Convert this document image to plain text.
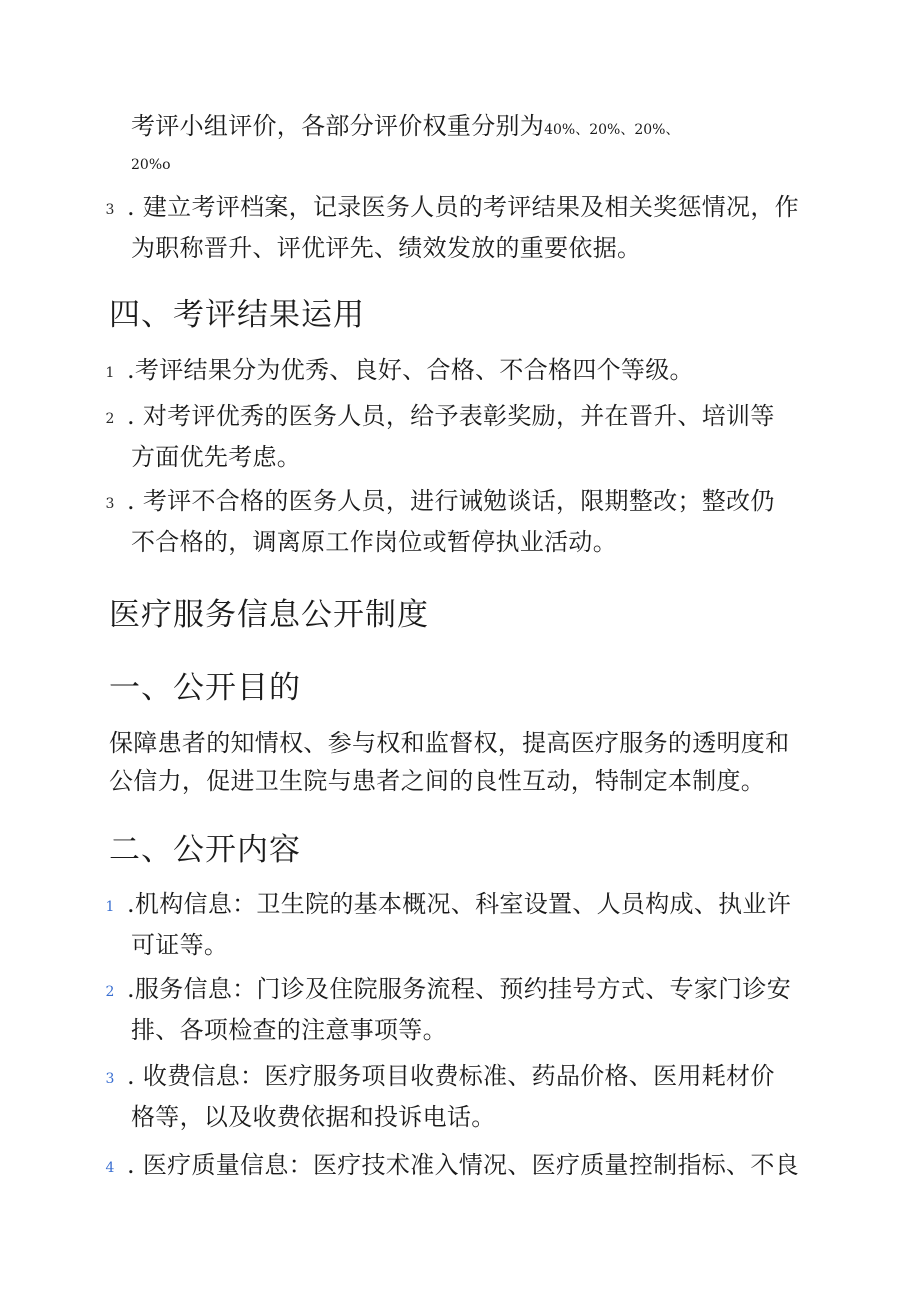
考评小组评价，各部分评价权重分别为40%、20%、20%、
20%o
3 . 建立考评档案，记录医务人员的考评结果及相关奖惩情况，作
为职称晋升、评优评先、绩效发放的重要依据。
四、考评结果运用
1 .考评结果分为优秀、良好、合格、不合格四个等级。
2 . 对考评优秀的医务人员，给予表彰奖励，并在晋升、培训等
方面优先考虑。
3 . 考评不合格的医务人员，进行诫勉谈话，限期整改；整改仍
不合格的，调离原工作岗位或暂停执业活动。
医疗服务信息公开制度
一、公开目的
保障患者的知情权、参与权和监督权，提高医疗服务的透明度和
公信力，促进卫生院与患者之间的良性互动，特制定本制度。
二、公开内容
1 .机构信息：卫生院的基本概况、科室设置、人员构成、执业许
可证等。
2 .服务信息：门诊及住院服务流程、预约挂号方式、专家门诊安
排、各项检查的注意事项等。
3 . 收费信息：医疗服务项目收费标准、药品价格、医用耗材价
格等，以及收费依据和投诉电话。
4 . 医疗质量信息：医疗技术准入情况、医疗质量控制指标、不良
